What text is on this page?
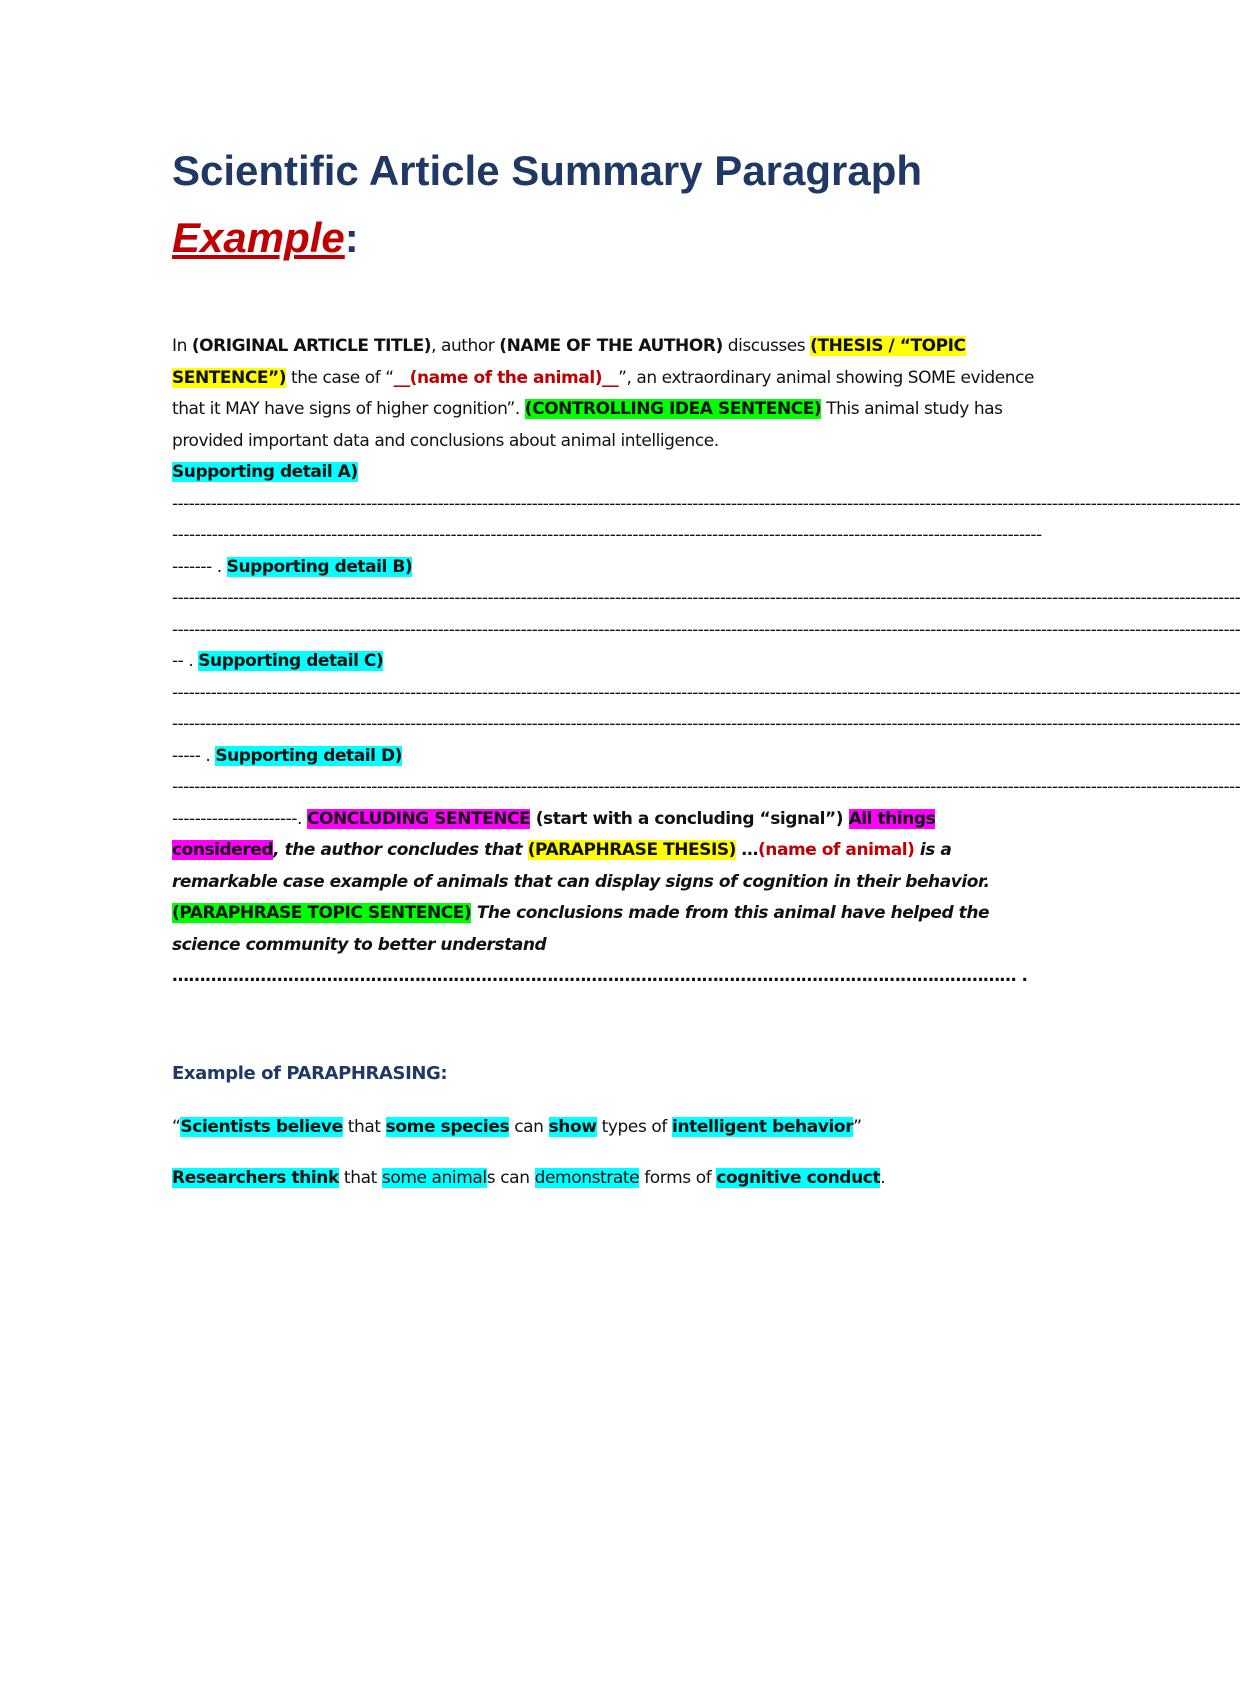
Scientific Article Summary Paragraph
Example:

In (ORIGINAL ARTICLE TITLE), author (NAME OF THE AUTHOR) discusses (THESIS / “TOPIC SENTENCE”) the case of “__(name of the animal)__”, an extraordinary animal showing SOME evidence that it MAY have signs of higher cognition”. (CONTROLLING IDEA SENTENCE) This animal study has provided important data and conclusions about animal intelligence.
Supporting detail A)
-------------------------------------------------------------------------------------------------------------------------------------------------------------------------------------------------
---------------------------------------------------------------------------------------------------------------------------------------------------------------- . Supporting detail B)
-------------------------------------------------------------------------------------------------------------------------------------------------------------------------------------------------
-------------------------------------------------------------------------------------------------------------------------------------------------------------------------------------------------
-- . Supporting detail C)
-------------------------------------------------------------------------------------------------------------------------------------------------------------------------------------------------
-------------------------------------------------------------------------------------------------------------------------------------------------------------------------------------------------
----- . Supporting detail D)
-------------------------------------------------------------------------------------------------------------------------------------------------------------------------------------------------
----------------------. CONCLUDING SENTENCE (start with a concluding “signal”) All things considered, the author concludes that (PARAPHRASE THESIS) …(name of animal) is a remarkable case example of animals that can display signs of cognition in their behavior.
(PARAPHRASE TOPIC SENTENCE) The conclusions made from this animal have helped the science community to better understand
……………………………………………………………………………………………………………………………………… .

Example of PARAPHRASING:

“Scientists believe that some species can show types of intelligent behavior”

Researchers think that some animals can demonstrate forms of cognitive conduct.
